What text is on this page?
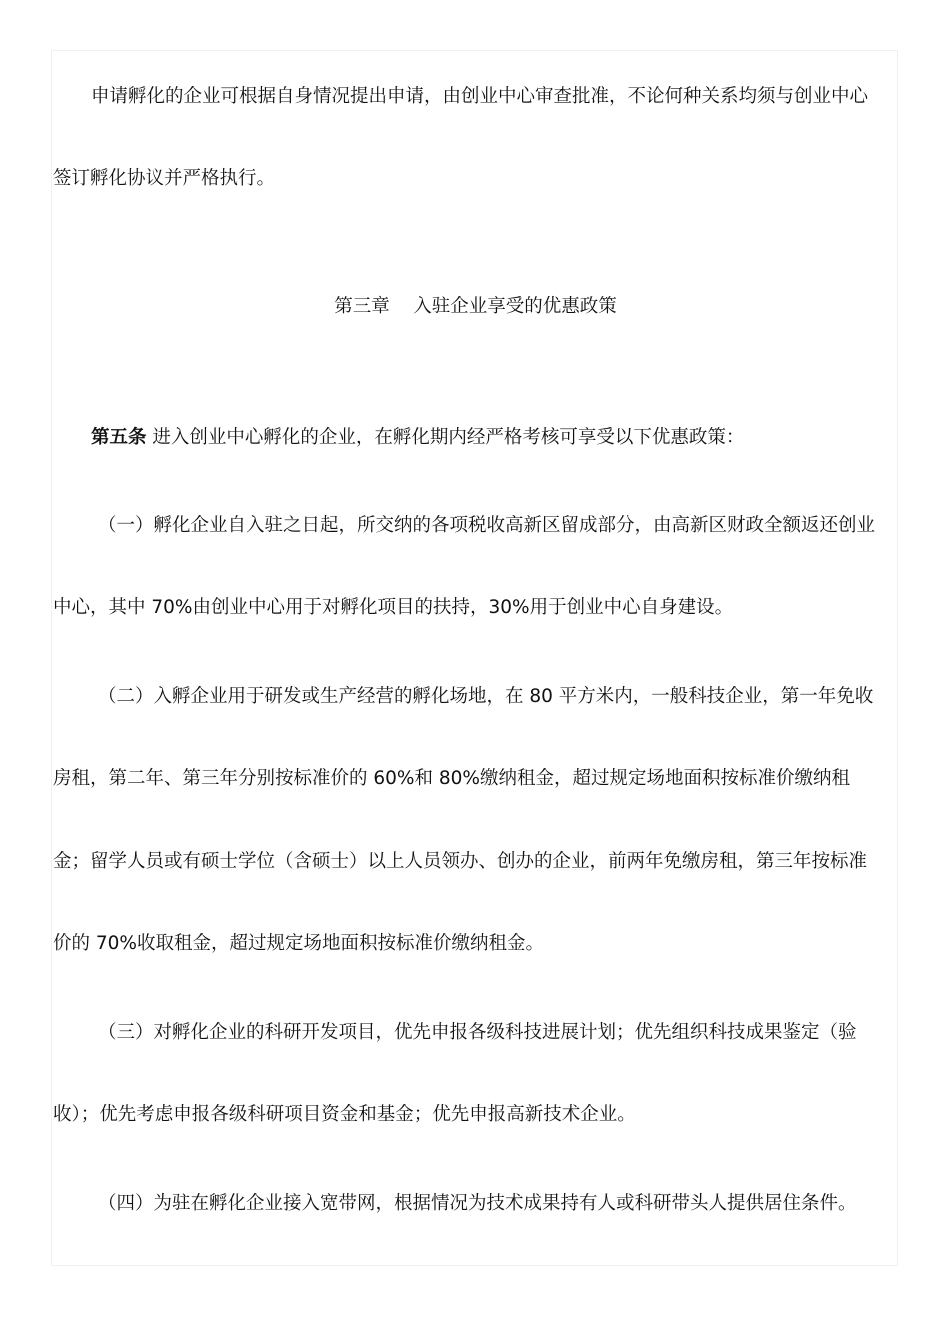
申请孵化的企业可根据自身情况提出申请，由创业中心审查批准，不论何种关系均须与创业中心
签订孵化协议并严格执行。
第三章    入驻企业享受的优惠政策
第五条 进入创业中心孵化的企业，在孵化期内经严格考核可享受以下优惠政策：
（一）孵化企业自入驻之日起，所交纳的各项税收高新区留成部分，由高新区财政全额返还创业
中心，其中 70%由创业中心用于对孵化项目的扶持，30%用于创业中心自身建设。
（二）入孵企业用于研发或生产经营的孵化场地，在 80 平方米内，一般科技企业，第一年免收
房租，第二年、第三年分别按标准价的 60%和 80%缴纳租金，超过规定场地面积按标准价缴纳租
金；留学人员或有硕士学位（含硕士）以上人员领办、创办的企业，前两年免缴房租，第三年按标准
价的 70%收取租金，超过规定场地面积按标准价缴纳租金。
（三）对孵化企业的科研开发项目，优先申报各级科技进展计划；优先组织科技成果鉴定（验
收）；优先考虑申报各级科研项目资金和基金；优先申报高新技术企业。
（四）为驻在孵化企业接入宽带网，根据情况为技术成果持有人或科研带头人提供居住条件。
